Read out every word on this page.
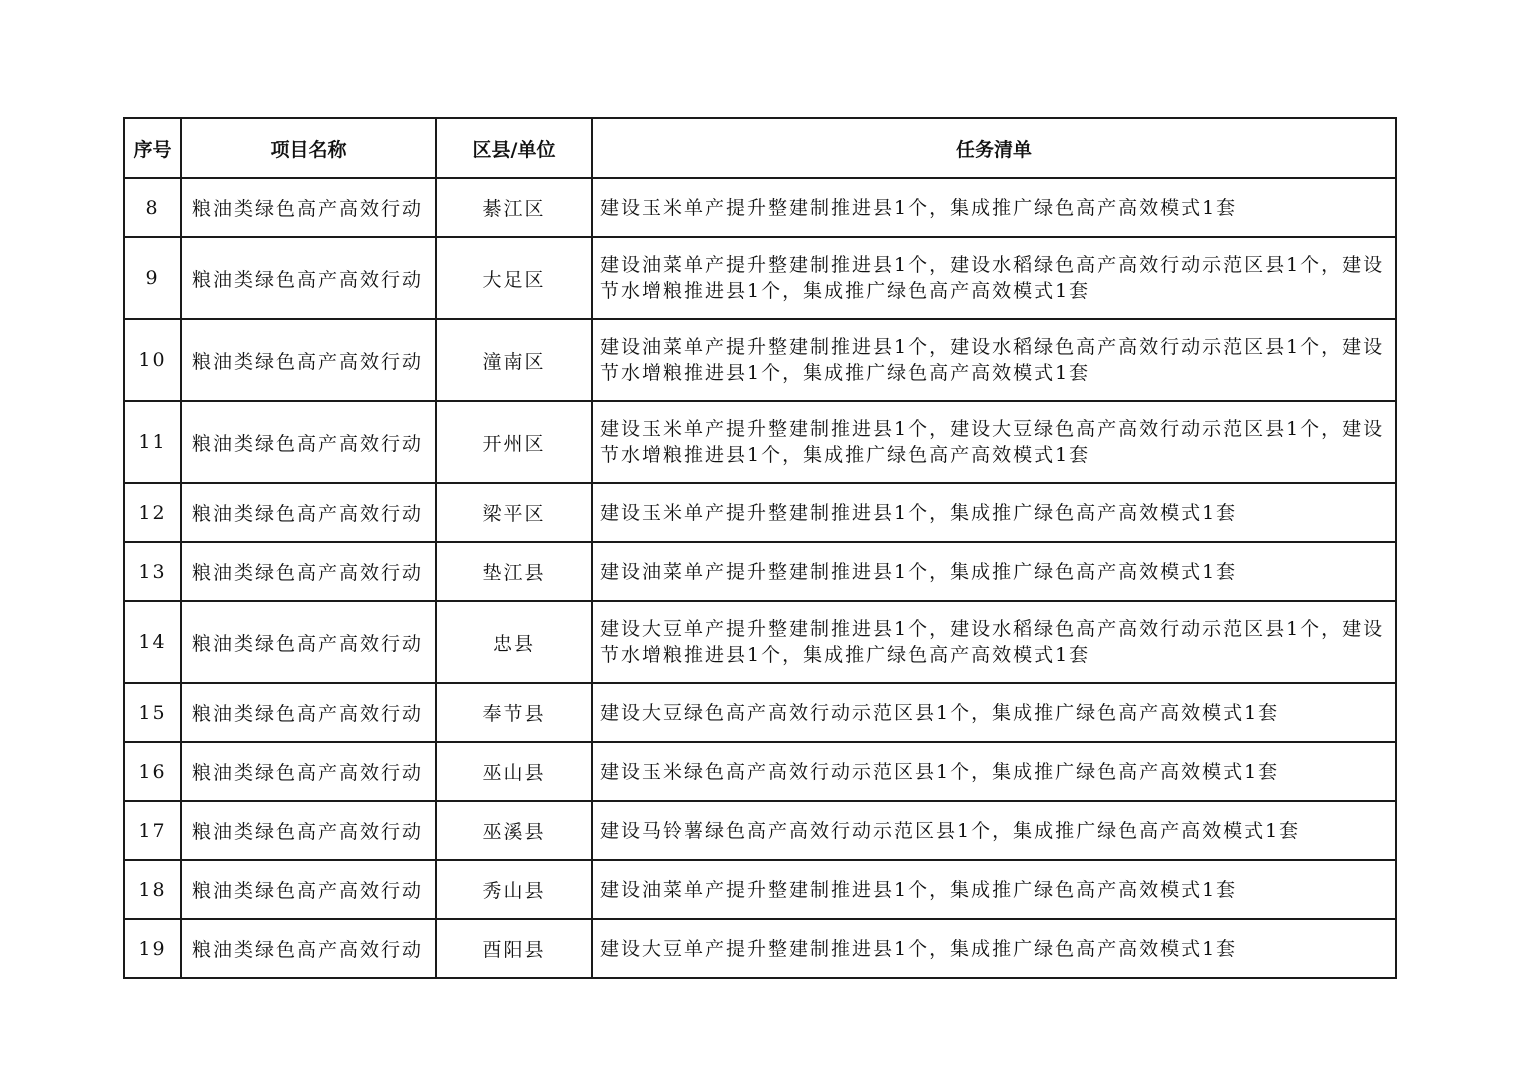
序号	项目名称	区县/单位	任务清单
8	粮油类绿色高产高效行动	綦江区	建设玉米单产提升整建制推进县1个，集成推广绿色高产高效模式1套
9	粮油类绿色高产高效行动	大足区	建设油菜单产提升整建制推进县1个，建设水稻绿色高产高效行动示范区县1个，建设节水增粮推进县1个，集成推广绿色高产高效模式1套
10	粮油类绿色高产高效行动	潼南区	建设油菜单产提升整建制推进县1个，建设水稻绿色高产高效行动示范区县1个，建设节水增粮推进县1个，集成推广绿色高产高效模式1套
11	粮油类绿色高产高效行动	开州区	建设玉米单产提升整建制推进县1个，建设大豆绿色高产高效行动示范区县1个，建设节水增粮推进县1个，集成推广绿色高产高效模式1套
12	粮油类绿色高产高效行动	梁平区	建设玉米单产提升整建制推进县1个，集成推广绿色高产高效模式1套
13	粮油类绿色高产高效行动	垫江县	建设油菜单产提升整建制推进县1个，集成推广绿色高产高效模式1套
14	粮油类绿色高产高效行动	忠县	建设大豆单产提升整建制推进县1个，建设水稻绿色高产高效行动示范区县1个，建设节水增粮推进县1个，集成推广绿色高产高效模式1套
15	粮油类绿色高产高效行动	奉节县	建设大豆绿色高产高效行动示范区县1个，集成推广绿色高产高效模式1套
16	粮油类绿色高产高效行动	巫山县	建设玉米绿色高产高效行动示范区县1个，集成推广绿色高产高效模式1套
17	粮油类绿色高产高效行动	巫溪县	建设马铃薯绿色高产高效行动示范区县1个，集成推广绿色高产高效模式1套
18	粮油类绿色高产高效行动	秀山县	建设油菜单产提升整建制推进县1个，集成推广绿色高产高效模式1套
19	粮油类绿色高产高效行动	酉阳县	建设大豆单产提升整建制推进县1个，集成推广绿色高产高效模式1套
